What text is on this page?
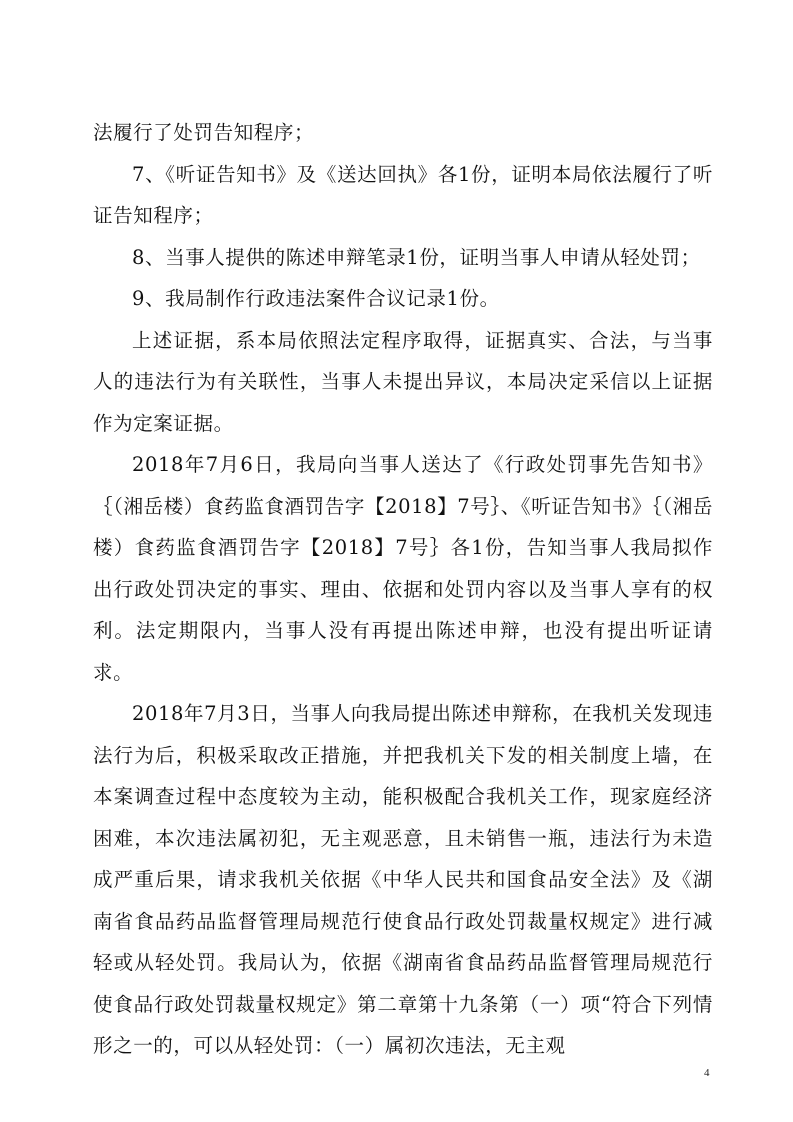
法履行了处罚告知程序；

7、《听证告知书》及《送达回执》各1份，证明本局依法履行了听证告知程序；

8、当事人提供的陈述申辩笔录1份，证明当事人申请从轻处罚；

9、我局制作行政违法案件合议记录1份。

上述证据，系本局依照法定程序取得，证据真实、合法，与当事人的违法行为有关联性，当事人未提出异议，本局决定采信以上证据作为定案证据。

2018年7月6日，我局向当事人送达了《行政处罚事先告知书》｛（湘岳楼）食药监食酒罚告字【2018】7号｝、《听证告知书》｛（湘岳楼）食药监食酒罚告字【2018】7号｝各1份，告知当事人我局拟作出行政处罚决定的事实、理由、依据和处罚内容以及当事人享有的权利。法定期限内，当事人没有再提出陈述申辩，也没有提出听证请求。

2018年7月3日，当事人向我局提出陈述申辩称，在我机关发现违法行为后，积极采取改正措施，并把我机关下发的相关制度上墙，在本案调查过程中态度较为主动，能积极配合我机关工作，现家庭经济困难，本次违法属初犯，无主观恶意，且未销售一瓶，违法行为未造成严重后果，请求我机关依据《中华人民共和国食品安全法》及《湖南省食品药品监督管理局规范行使食品行政处罚裁量权规定》进行减轻或从轻处罚。我局认为，依据《湖南省食品药品监督管理局规范行使食品行政处罚裁量权规定》第二章第十九条第（一）项“符合下列情形之一的，可以从轻处罚：（一）属初次违法，无主观

4
